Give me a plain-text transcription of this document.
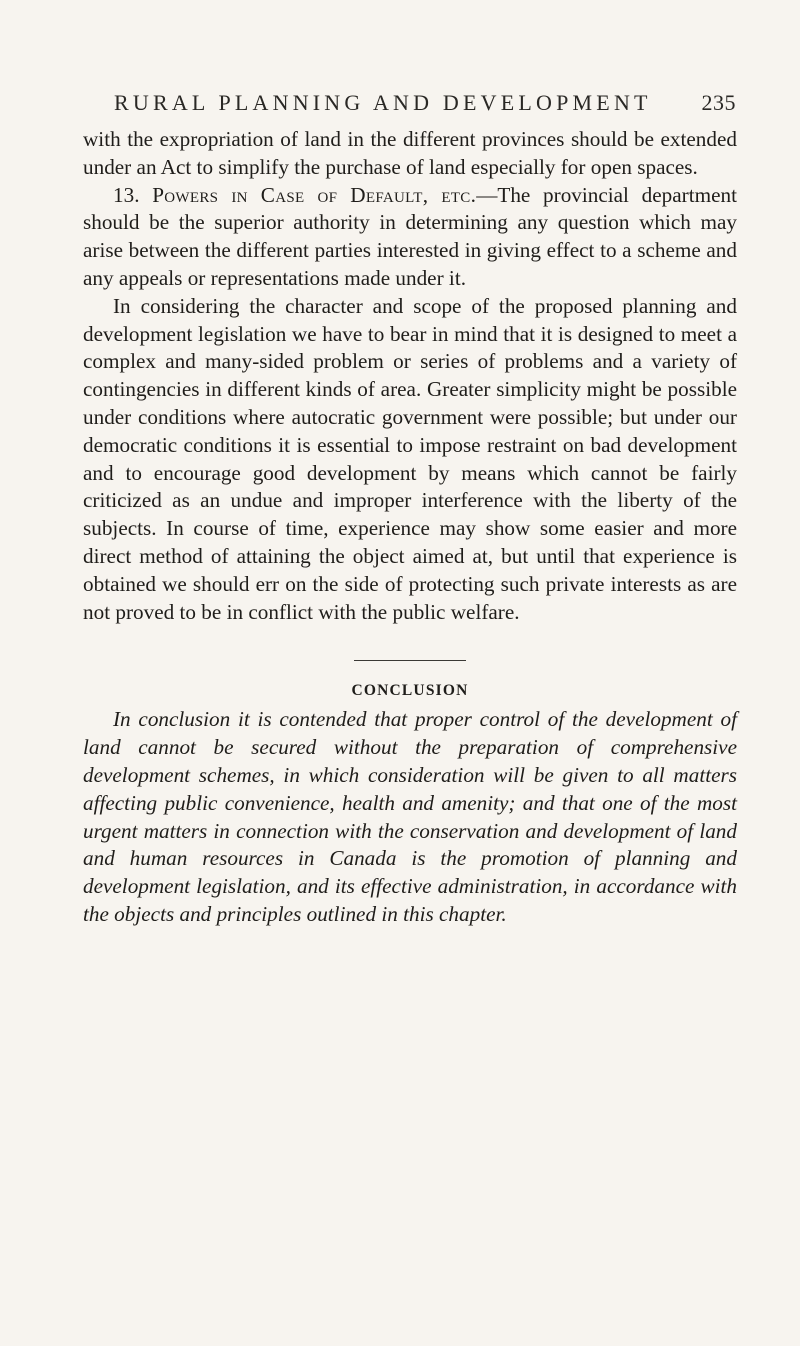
RURAL PLANNING AND DEVELOPMENT 235

with the expropriation of land in the different provinces should be extended under an Act to simplify the purchase of land especially for open spaces.

13. Powers in Case of Default, etc.—The provincial department should be the superior authority in determining any question which may arise between the different parties interested in giving effect to a scheme and any appeals or representations made under it.

In considering the character and scope of the proposed planning and development legislation we have to bear in mind that it is designed to meet a complex and many-sided problem or series of problems and a variety of contingencies in different kinds of area. Greater simplicity might be possible under conditions where autocratic government were possible; but under our democratic conditions it is essential to impose restraint on bad development and to encourage good development by means which cannot be fairly criticized as an undue and improper interference with the liberty of the subjects. In course of time, experience may show some easier and more direct method of attaining the object aimed at, but until that experience is obtained we should err on the side of protecting such private interests as are not proved to be in conflict with the public welfare.

CONCLUSION

In conclusion it is contended that proper control of the development of land cannot be secured without the preparation of comprehensive development schemes, in which consideration will be given to all matters affecting public convenience, health and amenity; and that one of the most urgent matters in connection with the conservation and development of land and human resources in Canada is the promotion of planning and development legislation, and its effective administration, in accordance with the objects and principles outlined in this chapter.
